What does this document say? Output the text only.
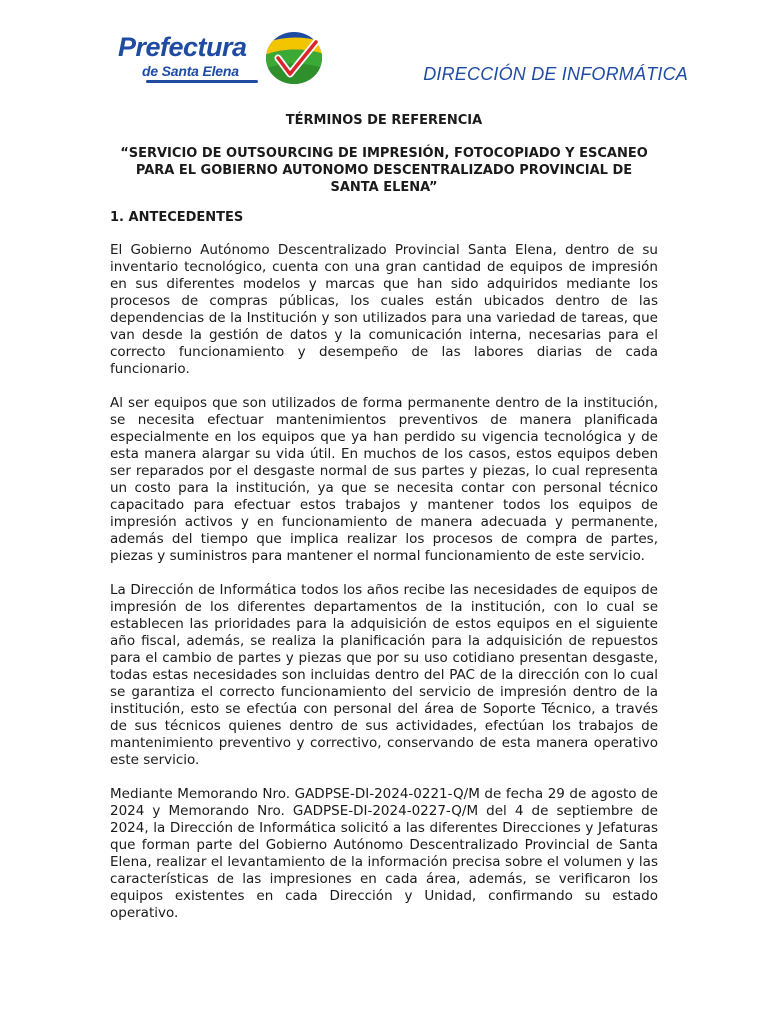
Prefectura
de Santa Elena	DIRECCIÓN DE INFORMÁTICA
TÉRMINOS DE REFERENCIA
“SERVICIO DE OUTSOURCING DE IMPRESIÓN, FOTOCOPIADO Y ESCANEO PARA EL GOBIERNO AUTONOMO DESCENTRALIZADO PROVINCIAL DE SANTA ELENA”
1. ANTECEDENTES

El Gobierno Autónomo Descentralizado Provincial Santa Elena, dentro de su inventario tecnológico, cuenta con una gran cantidad de equipos de impresión en sus diferentes modelos y marcas que han sido adquiridos mediante los procesos de compras públicas, los cuales están ubicados dentro de las dependencias de la Institución y son utilizados para una variedad de tareas, que van desde la gestión de datos y la comunicación interna, necesarias para el correcto funcionamiento y desempeño de las labores diarias de cada funcionario.

Al ser equipos que son utilizados de forma permanente dentro de la institución, se necesita efectuar mantenimientos preventivos de manera planificada especialmente en los equipos que ya han perdido su vigencia tecnológica y de esta manera alargar su vida útil. En muchos de los casos, estos equipos deben ser reparados por el desgaste normal de sus partes y piezas, lo cual representa un costo para la institución, ya que se necesita contar con personal técnico capacitado para efectuar estos trabajos y mantener todos los equipos de impresión activos y en funcionamiento de manera adecuada y permanente, además del tiempo que implica realizar los procesos de compra de partes, piezas y suministros para mantener el normal funcionamiento de este servicio.

La Dirección de Informática todos los años recibe las necesidades de equipos de impresión de los diferentes departamentos de la institución, con lo cual se establecen las prioridades para la adquisición de estos equipos en el siguiente año fiscal, además, se realiza la planificación para la adquisición de repuestos para el cambio de partes y piezas que por su uso cotidiano presentan desgaste, todas estas necesidades son incluidas dentro del PAC de la dirección con lo cual se garantiza el correcto funcionamiento del servicio de impresión dentro de la institución, esto se efectúa con personal del área de Soporte Técnico, a través de sus técnicos quienes dentro de sus actividades, efectúan los trabajos de mantenimiento preventivo y correctivo, conservando de esta manera operativo este servicio.

Mediante Memorando Nro. GADPSE-DI-2024-0221-Q/M de fecha 29 de agosto de 2024 y Memorando Nro. GADPSE-DI-2024-0227-Q/M del 4 de septiembre de 2024, la Dirección de Informática solicitó a las diferentes Direcciones y Jefaturas que forman parte del Gobierno Autónomo Descentralizado Provincial de Santa Elena, realizar el levantamiento de la información precisa sobre el volumen y las características de las impresiones en cada área, además, se verificaron los equipos existentes en cada Dirección y Unidad, confirmando su estado operativo.
